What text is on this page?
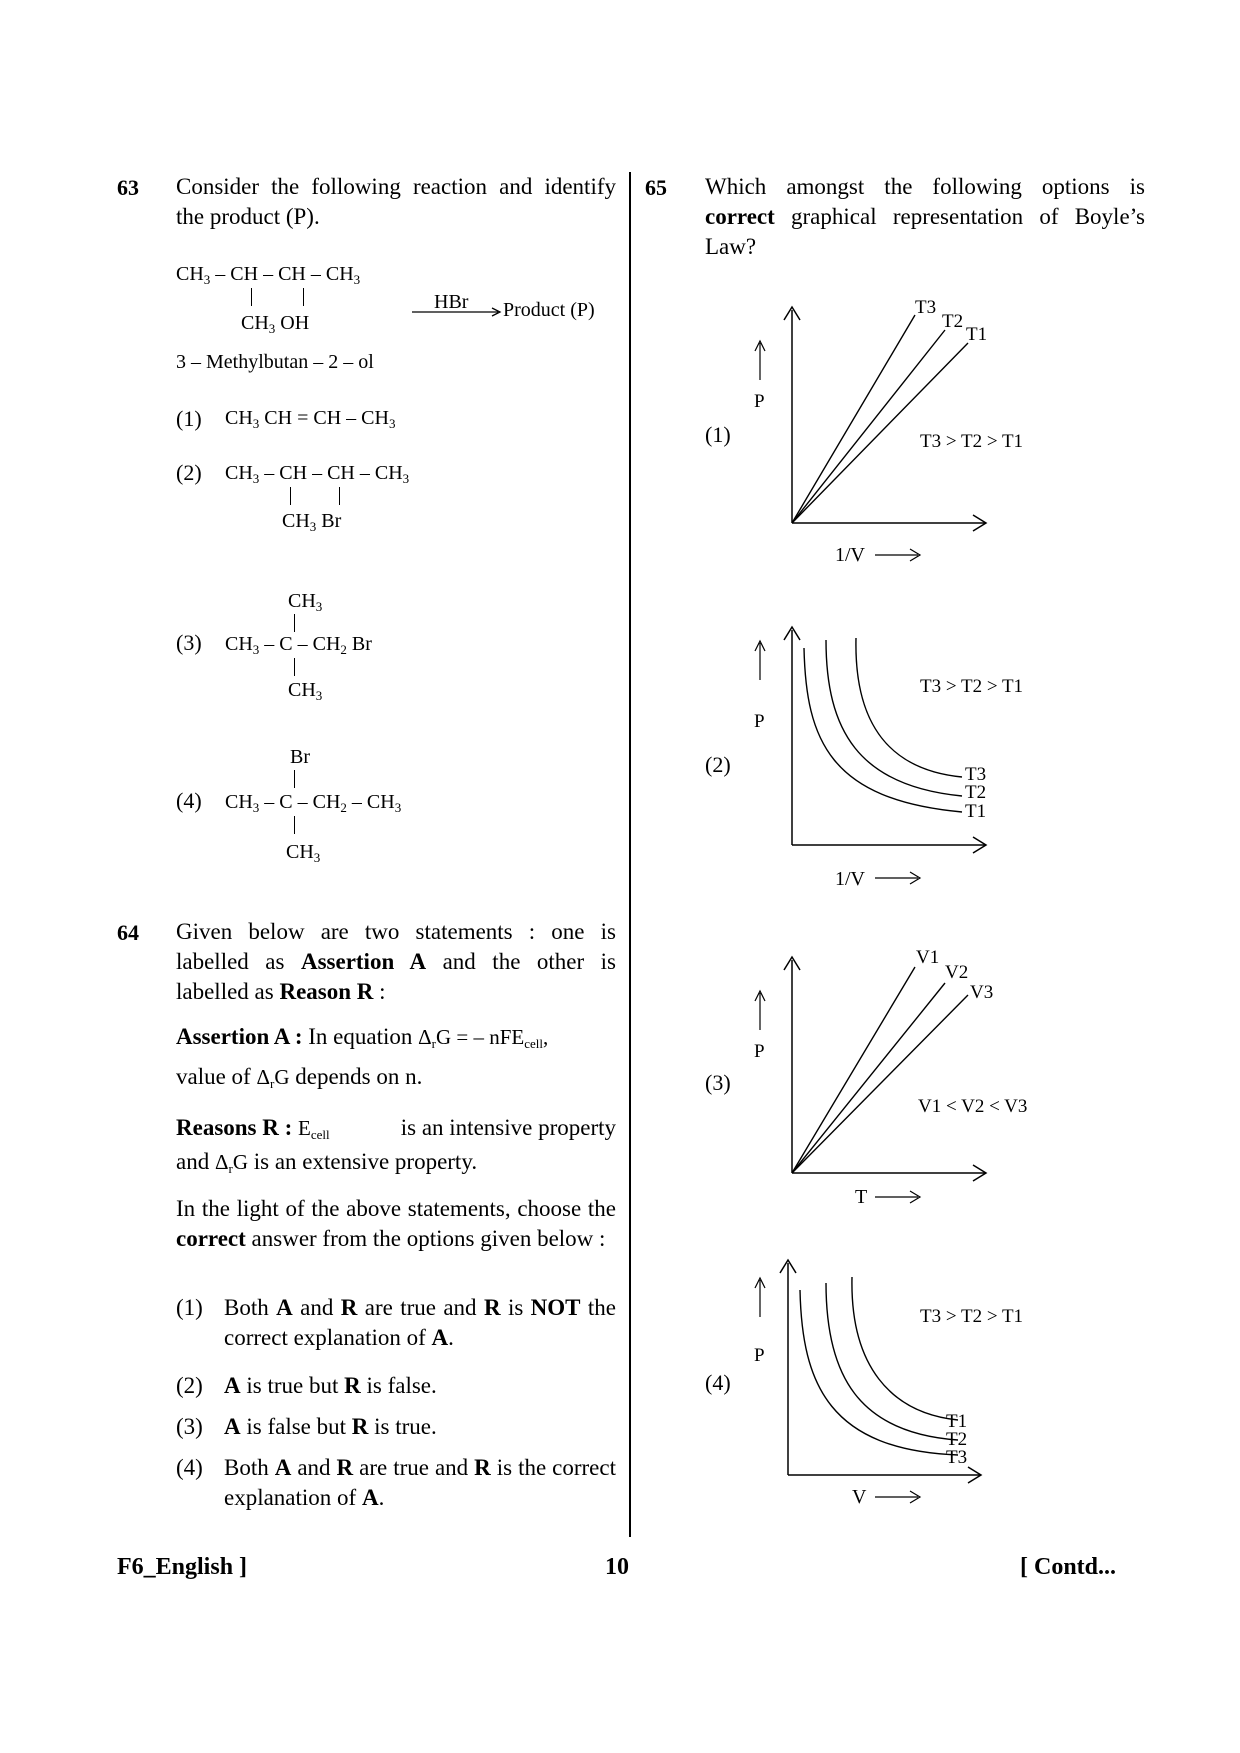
63 Consider the following reaction and identify the product (P).
$CH_3$ – CH – CH – $CH_3$
$CH_3$ OH
HBr Product (P)
3 – Methylbutan – 2 – ol
(1) $CH_3$ CH = CH – $CH_3$
(2) $CH_3$ – CH – CH – $CH_3$
$CH_3$ Br
$CH_3$
(3) $CH_3$ – C – $CH_2$ Br
$CH_3$
Br
(4) $CH_3$ – C – $CH_2 - CH_3$
$CH_3$
64 Given below are two statements : one is labelled as Assertion A and the other is labelled as Reason R :
Assertion A : In equation $\Delta_rG$ = – nFE$_{cell}$,
value of $\Delta_rG$ depends on n.
Reasons R : $E_{cell}$	is an intensive property
and $\Delta_rG$ is an extensive property.
In the light of the above statements, choose the correct answer from the options given below :
(1) Both A and R are true and R is NOT the correct explanation of A.
(2) A is true but R is false.
(3) A is false but R is true.
(4) Both A and R are true and R is the correct explanation of A.
65 Which amongst the following options is correct graphical representation of Boyle’s Law?
(1)
P
T3
T2
T1
T3 > T2 > T1
1/V
(2)
P
T3 > T2 > T1
T3
T2
T1
1/V
(3)
P
V1
V2
V3
V1 < V2 < V3
T
(4)
P
T3 > T2 > T1
T1
T2
T3
V
F6_English ]	10	[ Contd...
